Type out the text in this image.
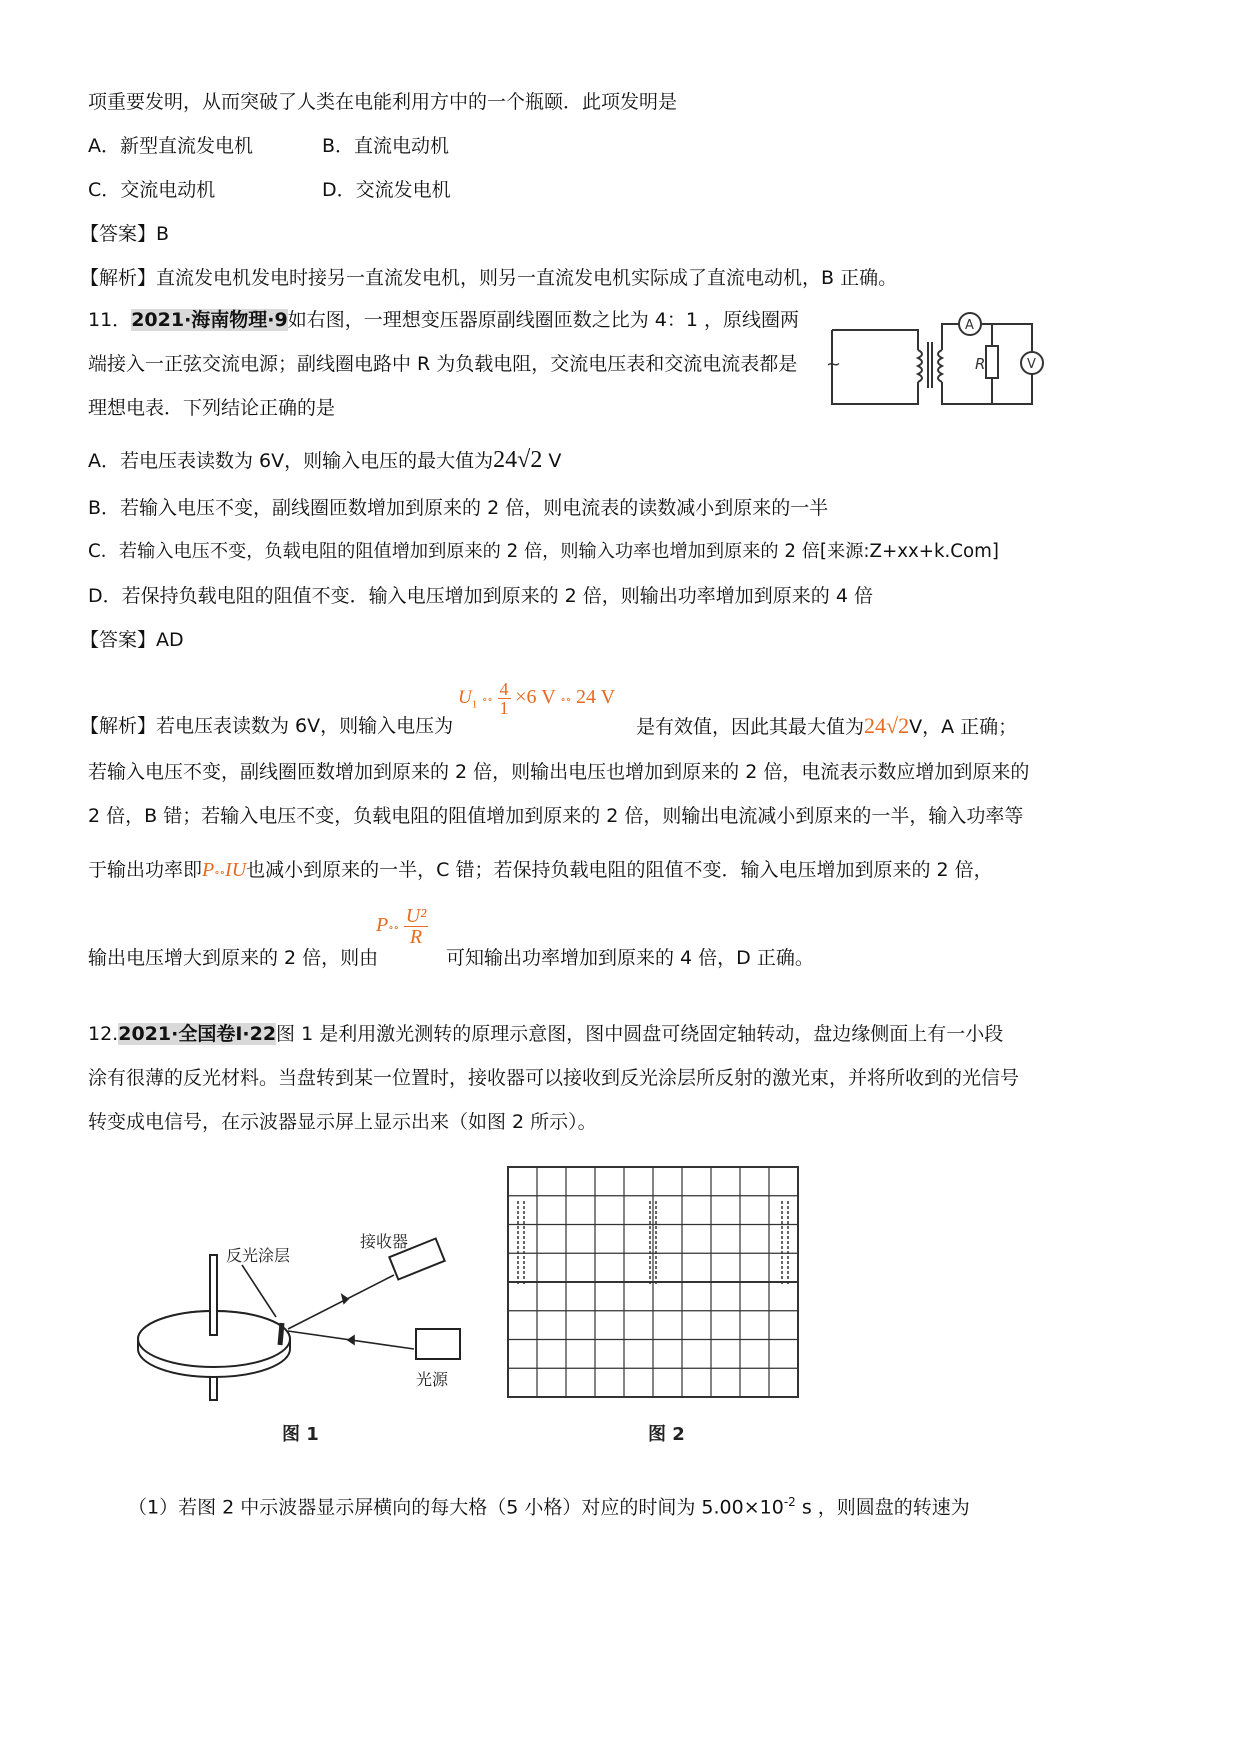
项重要发明，从而突破了人类在电能利用方中的一个瓶颐．此项发明是
A．新型直流发电机	B．直流电动机
C．交流电动机	D．交流发电机
【答案】B
【解析】直流发电机发电时接另一直流发电机，则另一直流发电机实际成了直流电动机，B 正确。
11．2021·海南物理·9如右图，一理想变压器原副线圈匝数之比为 4：1 ，原线圈两
端接入一正弦交流电源；副线圈电路中 R 为负载电阻，交流电压表和交流电流表都是
理想电表．下列结论正确的是
~
A
R	V
A．若电压表读数为 6V，则输入电压的最大值为24√2 V
B．若输入电压不变，副线圈匝数增加到原来的 2 倍，则电流表的读数减小到原来的一半
C．若输入电压不变，负载电阻的阻值增加到原来的 2 倍，则输入功率也增加到原来的 2 倍[来源:Z+xx+k.Com]
D．若保持负载电阻的阻值不变．输入电压增加到原来的 2 倍，则输出功率增加到原来的 4 倍
【答案】AD
【解析】若电压表读数为 6V，则输入电压为
$U_1$ ∘∘ $\frac{4}{1} \times 6$ V ∘∘ 24 V
是有效值，因此其最大值为24√2V，A 正确；
若输入电压不变，副线圈匝数增加到原来的 2 倍，则输出电压也增加到原来的 2 倍，电流表示数应增加到原来的
2 倍，B 错；若输入电压不变，负载电阻的阻值增加到原来的 2 倍，则输出电流减小到原来的一半，输入功率等
于输出功率即P∘∘IU也减小到原来的一半，C 错；若保持负载电阻的阻值不变．输入电压增加到原来的 2 倍，
输出电压增大到原来的 2 倍，则由
P∘∘ $\frac{\text{U²}}{R}$
可知输出功率增加到原来的 4 倍，D 正确。
12.2021·全国卷Ⅰ·22图 1 是利用激光测转的原理示意图，图中圆盘可绕固定轴转动，盘边缘侧面上有一小段
涂有很薄的反光材料。当盘转到某一位置时，接收器可以接收到反光涂层所反射的激光束，并将所收到的光信号
转变成电信号，在示波器显示屏上显示出来（如图 2 所示）。
反光涂层
接收器
光源
图 1	图 2
（1）若图 2 中示波器显示屏横向的每大格（5 小格）对应的时间为 $5.00\times 10^{-2}$ s ，则圆盘的转速为
